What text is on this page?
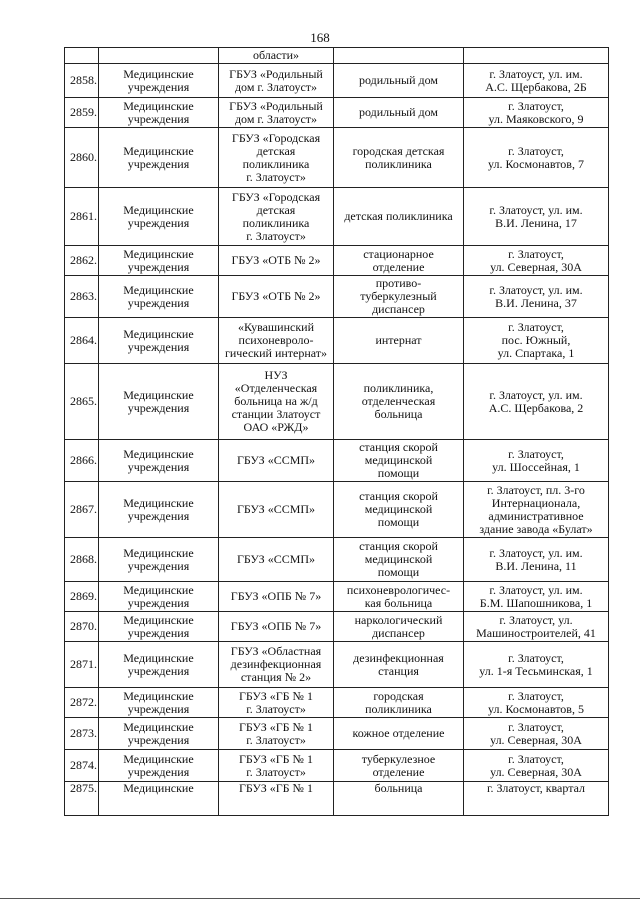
168
		области»		
2858.	Медицинские
учреждения	ГБУЗ «Родильный
дом г. Златоуст»	родильный дом	г. Златоуст, ул. им.
А.С. Щербакова, 2Б
2859.	Медицинские
учреждения	ГБУЗ «Родильный
дом г. Златоуст»	родильный дом	г. Златоуст,
ул. Маяковского, 9
2860.	Медицинские
учреждения	ГБУЗ «Городская
детская
поликлиника
г. Златоуст»	городская детская
поликлиника	г. Златоуст,
ул. Космонавтов, 7
2861.	Медицинские
учреждения	ГБУЗ «Городская
детская
поликлиника
г. Златоуст»	детская поликлиника	г. Златоуст, ул. им.
В.И. Ленина, 17
2862.	Медицинские
учреждения	ГБУЗ «ОТБ № 2»	стационарное
отделение	г. Златоуст,
ул. Северная, 30А
2863.	Медицинские
учреждения	ГБУЗ «ОТБ № 2»	противо-
туберкулезный
диспансер	г. Златоуст, ул. им.
В.И. Ленина, 37
2864.	Медицинские
учреждения	«Кувашинский
психоневроло-
гический интернат»	интернат	г. Златоуст,
пос. Южный,
ул. Спартака, 1
2865.	Медицинские
учреждения	НУЗ
«Отделенческая
больница на ж/д
станции Златоуст
ОАО «РЖД»	поликлиника,
отделенческая
больница	г. Златоуст, ул. им.
А.С. Щербакова, 2
2866.	Медицинские
учреждения	ГБУЗ «ССМП»	станция скорой
медицинской
помощи	г. Златоуст,
ул. Шоссейная, 1
2867.	Медицинские
учреждения	ГБУЗ «ССМП»	станция скорой
медицинской
помощи	г. Златоуст, пл. 3-го
Интернационала,
административное
здание завода «Булат»
2868.	Медицинские
учреждения	ГБУЗ «ССМП»	станция скорой
медицинской
помощи	г. Златоуст, ул. им.
В.И. Ленина, 11
2869.	Медицинские
учреждения	ГБУЗ «ОПБ № 7»	психоневрологичес-
кая больница	г. Златоуст, ул. им.
Б.М. Шапошникова, 1
2870.	Медицинские
учреждения	ГБУЗ «ОПБ № 7»	наркологический
диспансер	г. Златоуст, ул.
Машиностроителей, 41
2871.	Медицинские
учреждения	ГБУЗ «Областная
дезинфекционная
станция № 2»	дезинфекционная
станция	г. Златоуст,
ул. 1-я Тесьминская, 1
2872.	Медицинские
учреждения	ГБУЗ «ГБ № 1
г. Златоуст»	городская
поликлиника	г. Златоуст,
ул. Космонавтов, 5
2873.	Медицинские
учреждения	ГБУЗ «ГБ № 1
г. Златоуст»	кожное отделение	г. Златоуст,
ул. Северная, 30А
2874.	Медицинские
учреждения	ГБУЗ «ГБ № 1
г. Златоуст»	туберкулезное
отделение	г. Златоуст,
ул. Северная, 30А
2875.	Медицинские	ГБУЗ «ГБ № 1	больница	г. Златоуст, квартал
